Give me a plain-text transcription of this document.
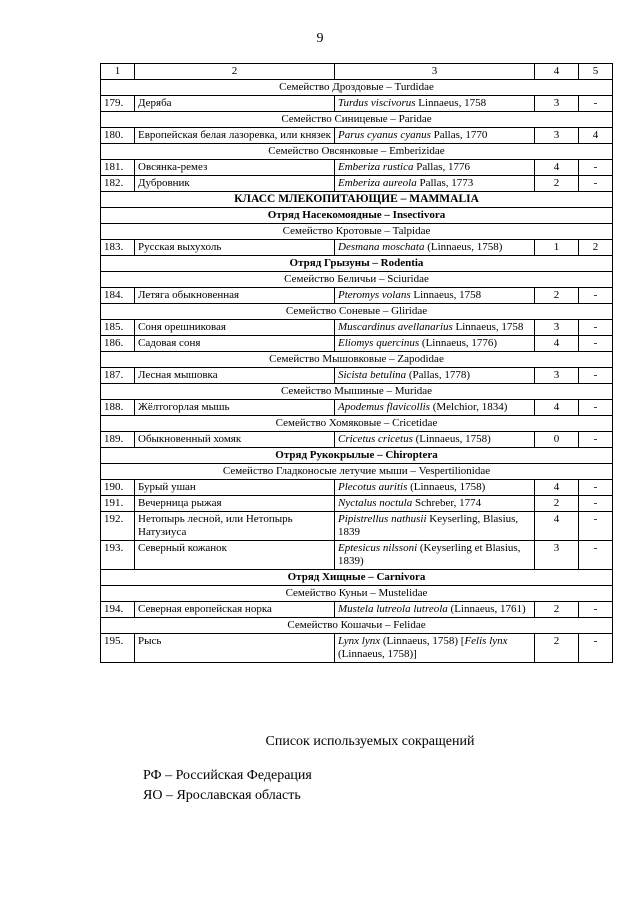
9
1	2	3	4	5
Семейство Дроздовые – Turdidae				
179.	Деряба	Turdus viscivorus Linnaeus, 1758	3	-
Семейство Синицевые – Paridae				
180.	Европейская белая лазоревка, или князек	Parus cyanus cyanus Pallas, 1770	3	4
Семейство Овсянковые – Emberizidae				
181.	Овсянка-ремез	Emberiza rustica Pallas, 1776	4	-
182.	Дубровник	Emberiza aureola Pallas, 1773	2	-
КЛАСС МЛЕКОПИТАЮЩИЕ – MAMMALIA				
Отряд Насекомоядные – Insectivora				
Семейство Кротовые – Talpidae				
183.	Русская выхухоль	Desmana moschata (Linnaeus, 1758)	1	2
Отряд Грызуны – Rodentia				
Семейство Беличьи – Sciuridae				
184.	Летяга обыкновенная	Pteromys volans Linnaeus, 1758	2	-
Семейство Соневые – Gliridae				
185.	Соня орешниковая	Muscardinus avellanarius Linnaeus, 1758	3	-
186.	Садовая соня	Eliomys quercinus (Linnaeus, 1776)	4	-
Семейство Мышовковые – Zapodidae				
187.	Лесная мышовка	Sicista betulina (Pallas, 1778)	3	-
Семейство Мышиные – Muridae				
188.	Жёлтогорлая мышь	Apodemus flavicollis (Melchior, 1834)	4	-
Семейство Хомяковые – Cricetidae				
189.	Обыкновенный хомяк	Cricetus cricetus (Linnaeus, 1758)	0	-
Отряд Рукокрылые – Chiroptera				
Семейство Гладконосые летучие мыши – Vespertilionidae				
190.	Бурый ушан	Plecotus auritis (Linnaeus, 1758)	4	-
191.	Вечерница рыжая	Nyctalus noctula Schreber, 1774	2	-
192.	Нетопырь лесной, или Нетопырь Натузиуса	Pipistrellus nathusii Keyserling, Blasius, 1839	4	-
193.	Северный кожанок	Eptesicus nilssoni (Keyserling et Blasius, 1839)	3	-
Отряд Хищные – Carnivora				
Семейство Куньи – Mustelidae				
194.	Северная европейская норка	Mustela lutreola lutreola (Linnaeus, 1761)	2	-
Семейство Кошачьи – Felidae				
195.	Рысь	Lynx lynx (Linnaeus, 1758) [Felis lynx (Linnaeus, 1758)]	2	-
Список используемых сокращений
РФ – Российская Федерация
ЯО – Ярославская область
